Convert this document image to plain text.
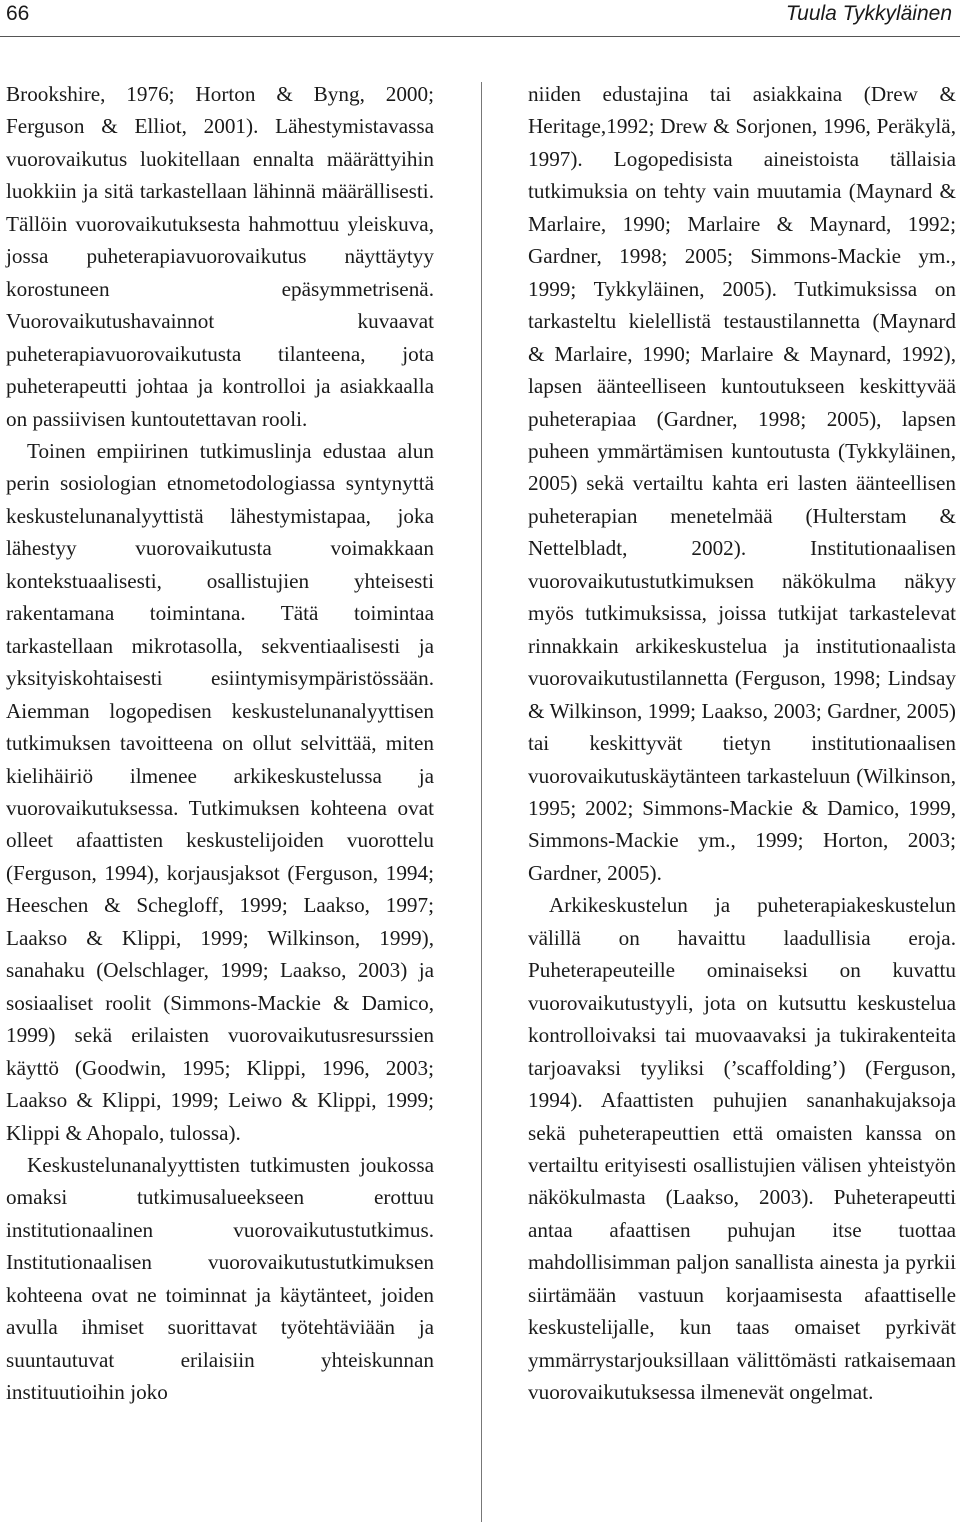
66	Tuula Tykkyläinen

Brookshire, 1976; Horton & Byng, 2000; Ferguson & Elliot, 2001). Lähestymistavassa vuorovaikutus luokitellaan ennalta määrättyihin luokkiin ja sitä tarkastellaan lähinnä määrällisesti. Tällöin vuorovaikutuksesta hahmottuu yleiskuva, jossa puheterapiavuorovaikutus näyttäytyy korostuneen epäsymmetrisenä. Vuorovaikutushavainnot kuvaavat puheterapiavuorovaikutusta tilanteena, jota puheterapeutti johtaa ja kontrolloi ja asiakkaalla on passiivisen kuntoutettavan rooli.

Toinen empiirinen tutkimuslinja edustaa alun perin sosiologian etnometodologiassa syntynyttä keskustelunanalyyttistä lähestymistapaa, joka lähestyy vuorovaikutusta voimakkaan kontekstuaalisesti, osallistujien yhteisesti rakentamana toimintana. Tätä toimintaa tarkastellaan mikrotasolla, sekventiaalisesti ja yksityiskohtaisesti esiintymisympäristössään. Aiemman logopedisen keskustelunanalyyttisen tutkimuksen tavoitteena on ollut selvittää, miten kielihäiriö ilmenee arkikeskustelussa ja vuorovaikutuksessa. Tutkimuksen kohteena ovat olleet afaattisten keskustelijoiden vuorottelu (Ferguson, 1994), korjausjaksot (Ferguson, 1994; Heeschen & Schegloff, 1999; Laakso, 1997; Laakso & Klippi, 1999; Wilkinson, 1999), sanahaku (Oelschlager, 1999; Laakso, 2003) ja sosiaaliset roolit (Simmons-Mackie & Damico, 1999) sekä erilaisten vuorovaikutusresurssien käyttö (Goodwin, 1995; Klippi, 1996, 2003; Laakso & Klippi, 1999; Leiwo & Klippi, 1999; Klippi & Ahopalo, tulossa).

Keskustelunanalyyttisten tutkimusten joukossa omaksi tutkimusalueekseen erottuu institutionaalinen vuorovaikutustutkimus. Institutionaalisen vuorovaikutustutkimuksen kohteena ovat ne toiminnat ja käytänteet, joiden avulla ihmiset suorittavat työtehtäviään ja suuntautuvat erilaisiin yhteiskunnan instituutioihin joko

niiden edustajina tai asiakkaina (Drew & Heritage,1992; Drew & Sorjonen, 1996, Peräkylä, 1997). Logopedisista aineistoista tällaisia tutkimuksia on tehty vain muutamia (Maynard & Marlaire, 1990; Marlaire & Maynard, 1992; Gardner, 1998; 2005; Simmons-Mackie ym., 1999; Tykkyläinen, 2005). Tutkimuksissa on tarkasteltu kielellistä testaustilannetta (Maynard & Marlaire, 1990; Marlaire & Maynard, 1992), lapsen äänteelliseen kuntoutukseen keskittyvää puheterapiaa (Gardner, 1998; 2005), lapsen puheen ymmärtämisen kuntoutusta (Tykkyläinen, 2005) sekä vertailtu kahta eri lasten äänteellisen puheterapian menetelmää (Hulterstam & Nettelbladt, 2002). Institutionaalisen vuorovaikutustutkimuksen näkökulma näkyy myös tutkimuksissa, joissa tutkijat tarkastelevat rinnakkain arkikeskustelua ja institutionaalista vuorovaikutustilannetta (Ferguson, 1998; Lindsay & Wilkinson, 1999; Laakso, 2003; Gardner, 2005) tai keskittyvät tietyn institutionaalisen vuorovaikutuskäytänteen tarkasteluun (Wilkinson, 1995; 2002; Simmons-Mackie & Damico, 1999, Simmons-Mackie ym., 1999; Horton, 2003; Gardner, 2005).

Arkikeskustelun ja puheterapiakeskustelun välillä on havaittu laadullisia eroja. Puheterapeuteille ominaiseksi on kuvattu vuorovaikutustyyli, jota on kutsuttu keskustelua kontrolloivaksi tai muovaavaksi ja tukirakenteita tarjoavaksi tyyliksi (’scaffolding’) (Ferguson, 1994). Afaattisten puhujien sananhakujaksoja sekä puheterapeuttien että omaisten kanssa on vertailtu erityisesti osallistujien välisen yhteistyön näkökulmasta (Laakso, 2003). Puheterapeutti antaa afaattisen puhujan itse tuottaa mahdollisimman paljon sanallista ainesta ja pyrkii siirtämään vastuun korjaamisesta afaattiselle keskustelijalle, kun taas omaiset pyrkivät ymmärrystarjouksillaan välittömästi ratkaisemaan vuorovaikutuksessa ilmenevät ongelmat.
